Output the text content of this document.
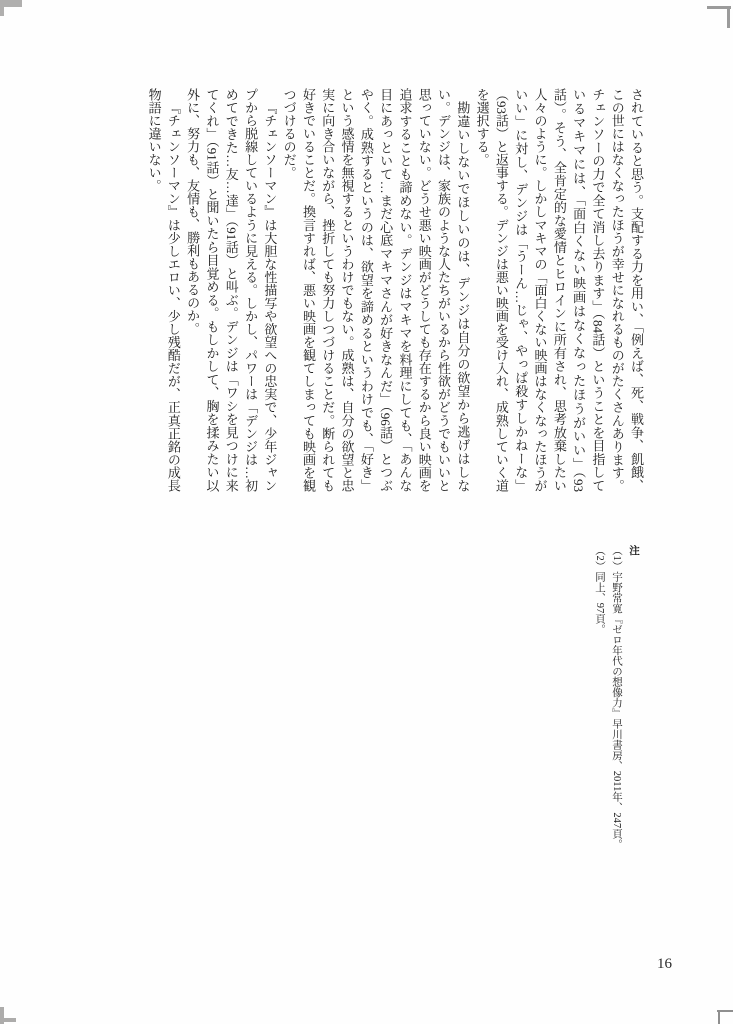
されていると思う。支配する力を用い、「例えば、死、戦争、飢餓、この世にはなくなったほうが幸せになれるものがたくさんあります。チェンソーの力で全て消し去ります」（84話）ということを目指しているマキマには、「面白くない映画はなくなったほうがいい」（93話）。そう、全肯定的な愛情とヒロインに所有され、思考放棄したい人々のように。しかしマキマの「面白くない映画はなくなったほうがいい」に対し、デンジは「うーん…じゃ、やっぱ殺すしかねーな」（93話）と返事する。デンジは悪い映画を受け入れ、成熟していく道を選択する。

勘違いしないでほしいのは、デンジは自分の欲望から逃げはしない。デンジは、家族のような人たちがいるから性欲がどうでもいいと思っていない。どうせ悪い映画がどうしても存在するから良い映画を追求することも諦めない。デンジはマキマを料理にしても、「あんな目にあっといて…まだ心底マキマさんが好きなんだ」（96話）とつぶやく。成熟するというのは、欲望を諦めるというわけでも、「好き」という感情を無視するというわけでもない。成熟は、自分の欲望と忠実に向き合いながら、挫折しても努力しつづけることだ。断られても好きでいることだ。換言すれば、悪い映画を観てしまっても映画を観つづけるのだ。

『チェンソーマン』は大胆な性描写や欲望への忠実で、少年ジャンプから脱線しているように見える。しかし、パワーは「デンジは…初めてできた…友…達」（91話）と叫ぶ。デンジは「ワシを見つけに来てくれ」（91話）と聞いたら目覚める。もしかして、胸を揉みたい以外に、努力も、友情も、勝利もあるのか。

『チェンソーマン』は少しエロい、少し残酷だが、正真正銘の成長物語に違いない。

注

（1）宇野常寛『ゼロ年代の想像力』早川書房、2011年、247頁。

（2）同上、97頁。

16
